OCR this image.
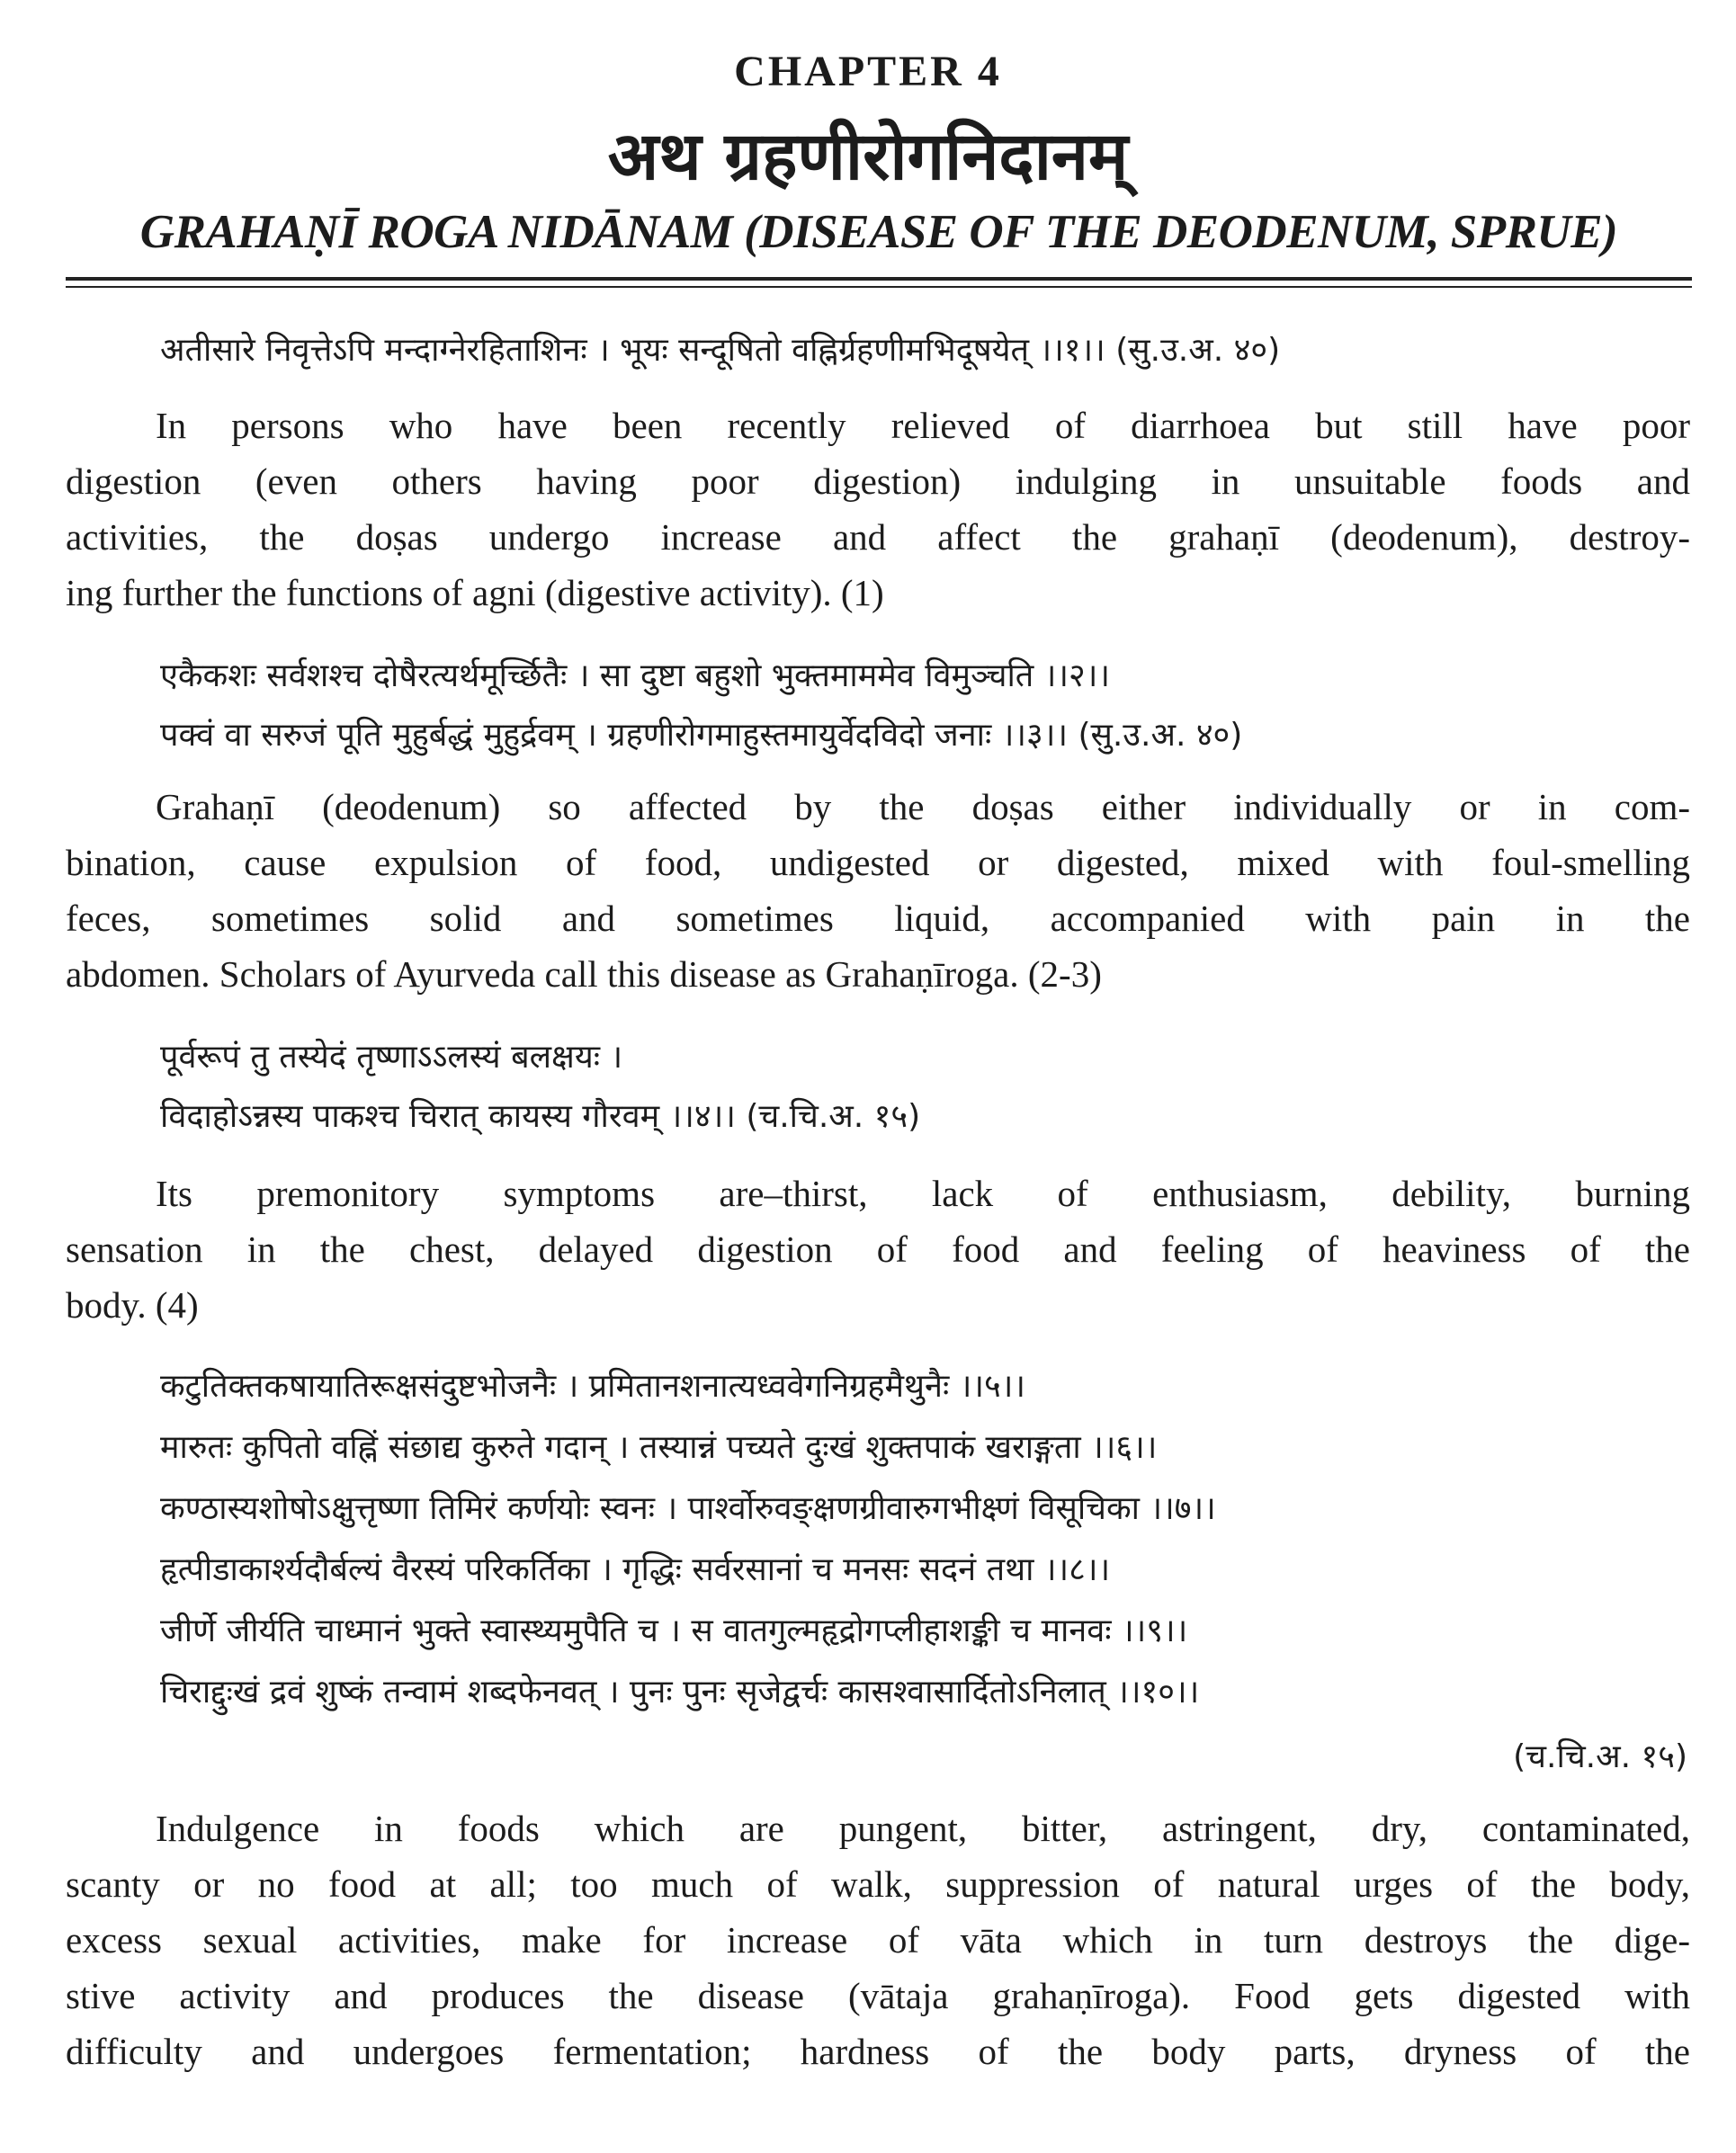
CHAPTER 4
अथ ग्रहणीरोगनिदानम्
GRAHAṆĪ ROGA NIDĀNAM (DISEASE OF THE DEODENUM, SPRUE)
अतीसारे निवृत्तेऽपि मन्दाग्नेरहिताशिनः । भूयः सन्दूषितो वह्निर्ग्रहणीमभिदूषयेत् ।।१।। (सु.उ.अ. ४०)
In persons who have been recently relieved of diarrhoea but still have poor
digestion (even others having poor digestion) indulging in unsuitable foods and
activities, the doṣas undergo increase and affect the grahaṇī (deodenum), destroy-
ing further the functions of agni (digestive activity). (1)
एकैकशः सर्वशश्च दोषैरत्यर्थमूर्च्छितैः । सा दुष्टा बहुशो भुक्तमाममेव विमुञ्चति ।।२।।
पक्वं वा सरुजं पूति मुहुर्बद्धं मुहुर्द्रवम् । ग्रहणीरोगमाहुस्तमायुर्वेदविदो जनाः ।।३।। (सु.उ.अ. ४०)
Grahaṇī (deodenum) so affected by the doṣas either individually or in com-
bination, cause expulsion of food, undigested or digested, mixed with foul-smelling
feces, sometimes solid and sometimes liquid, accompanied with pain in the
abdomen. Scholars of Ayurveda call this disease as Grahaṇīroga. (2-3)
पूर्वरूपं तु तस्येदं तृष्णाऽऽलस्यं बलक्षयः ।
विदाहोऽन्नस्य पाकश्च चिरात् कायस्य गौरवम् ।।४।। (च.चि.अ. १५)
Its premonitory symptoms are–thirst, lack of enthusiasm, debility, burning
sensation in the chest, delayed digestion of food and feeling of heaviness of the
body. (4)
कटुतिक्तकषायातिरूक्षसंदुष्टभोजनैः । प्रमितानशनात्यध्ववेगनिग्रहमैथुनैः ।।५।।
मारुतः कुपितो वह्निं संछाद्य कुरुते गदान् । तस्यान्नं पच्यते दुःखं शुक्तपाकं खराङ्गता ।।६।।
कण्ठास्यशोषोऽक्षुत्तृष्णा तिमिरं कर्णयोः स्वनः । पार्श्वोरुवङ्क्षणग्रीवारुगभीक्ष्णं विसूचिका ।।७।।
हृत्पीडाकार्श्यदौर्बल्यं वैरस्यं परिकर्तिका । गृद्धिः सर्वरसानां च मनसः सदनं तथा ।।८।।
जीर्णे जीर्यति चाध्मानं भुक्ते स्वास्थ्यमुपैति च । स वातगुल्महृद्रोगप्लीहाशङ्की च मानवः ।।९।।
चिराद्दुःखं द्रवं शुष्कं तन्वामं शब्दफेनवत् । पुनः पुनः सृजेद्वर्चः कासश्वासार्दितोऽनिलात् ।।१०।।
(च.चि.अ. १५)
Indulgence in foods which are pungent, bitter, astringent, dry, contaminated,
scanty or no food at all; too much of walk, suppression of natural urges of the body,
excess sexual activities, make for increase of vāta which in turn destroys the dige-
stive activity and produces the disease (vātaja grahaṇīroga). Food gets digested with
difficulty and undergoes fermentation; hardness of the body parts, dryness of the
